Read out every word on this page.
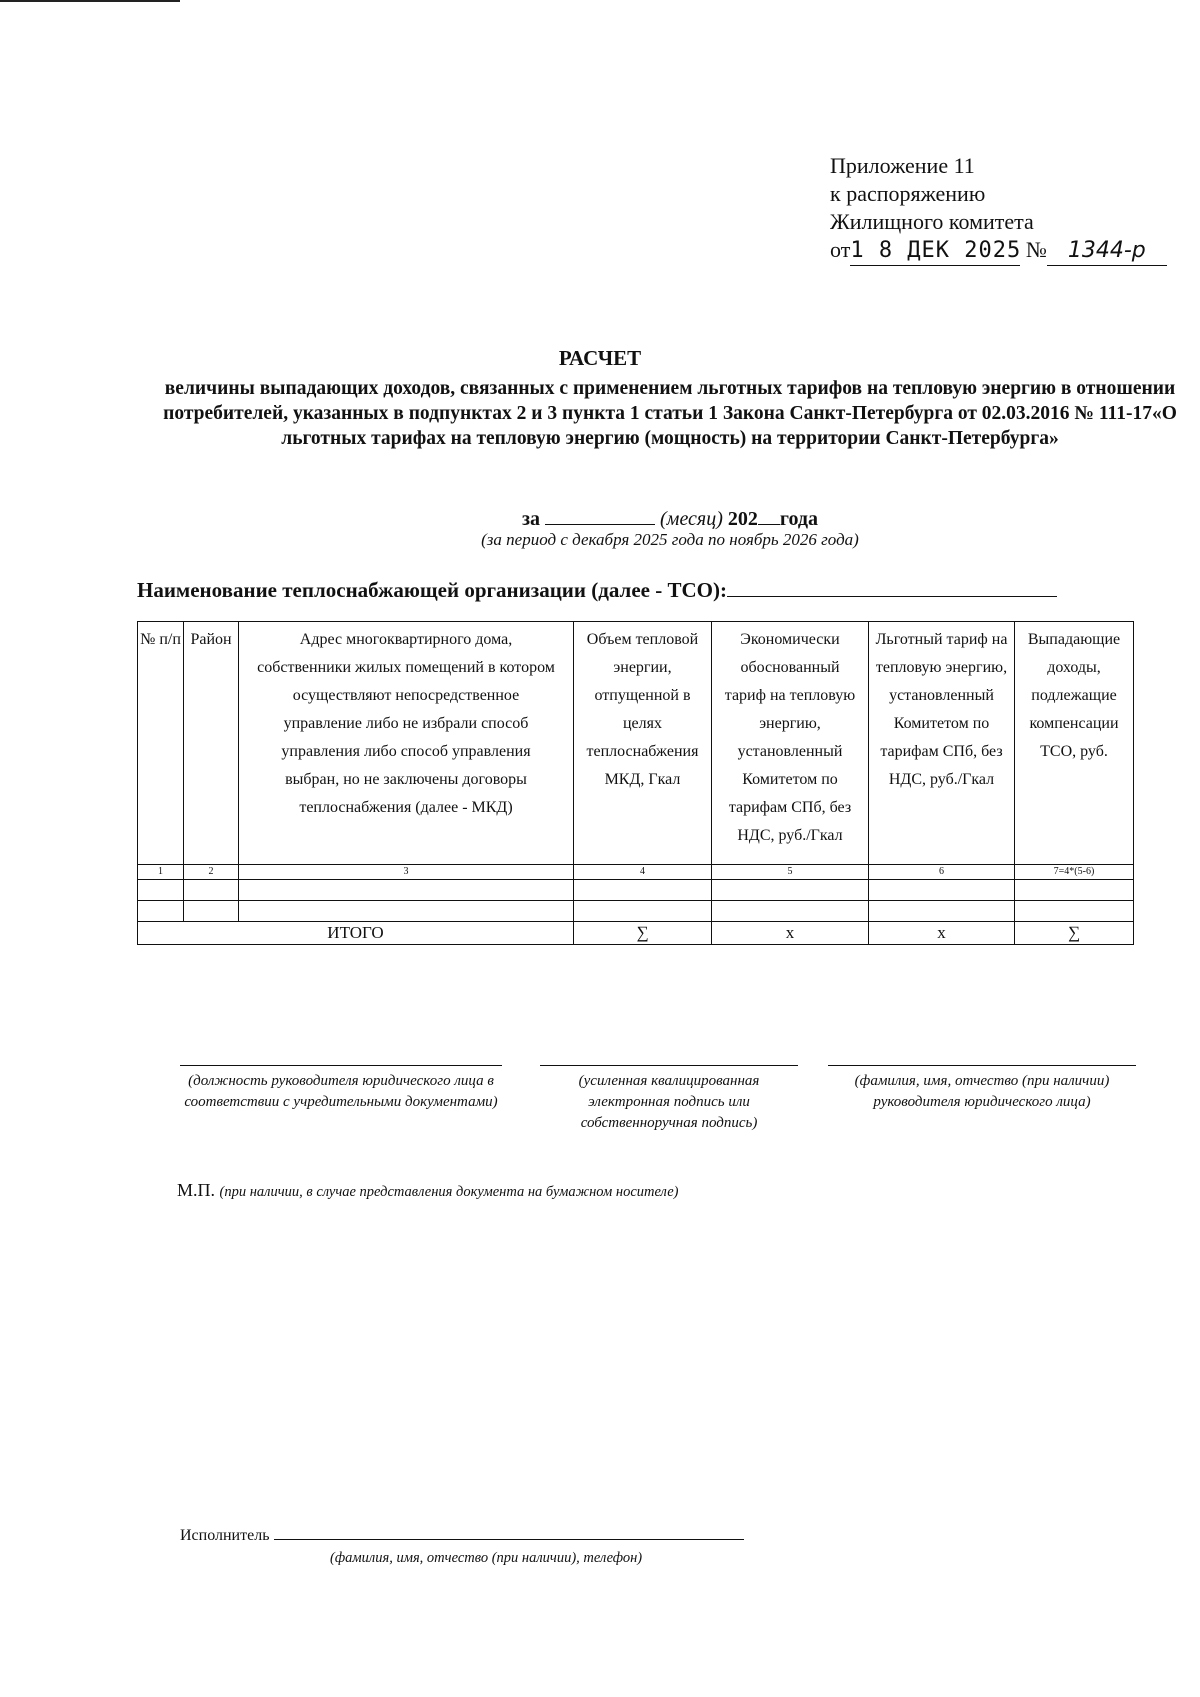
Приложение 11
к распоряжению
Жилищного комитета
от1 8 ДЕК 2025 № 1344-р
РАСЧЕТ
величины выпадающих доходов, связанных с применением льготных тарифов на тепловую энергию в отношении потребителей, указанных в подпунктах 2 и 3 пункта 1 статьи 1 Закона Санкт-Петербурга от 02.03.2016 № 111-17«О льготных тарифах на тепловую энергию (мощность) на территории Санкт-Петербурга»
за	(месяц) 202 года
(за период с декабря 2025 года по ноябрь 2026 года)
Наименование теплоснабжающей организации (далее - ТСО):
№ п/п	Район	Адрес многоквартирного дома, собственники жилых помещений в котором осуществляют непосредственное управление либо не избрали способ управления либо способ управления выбран, но не заключены договоры теплоснабжения (далее - МКД)	Объем тепловой энергии, отпущенной в целях теплоснабжения МКД, Гкал	Экономически обоснованный тариф на тепловую энергию, установленный Комитетом по тарифам СПб, без НДС, руб./Гкал	Льготный тариф на тепловую энергию, установленный Комитетом по тарифам СПб, без НДС, руб./Гкал	Выпадающие доходы, подлежащие компенсации ТСО, руб.
1	2	3	4	5	6	7=4*(5-6)

ИТОГО			∑	x	x	∑
(должность руководителя юридического лица в соответствии с учредительными документами)
(усиленная квалицированная электронная подпись или собственноручная подпись)
(фамилия, имя, отчество (при наличии) руководителя юридического лица)
М.П. (при наличии, в случае представления документа на бумажном носителе)
Исполнитель
(фамилия, имя, отчество (при наличии), телефон)
